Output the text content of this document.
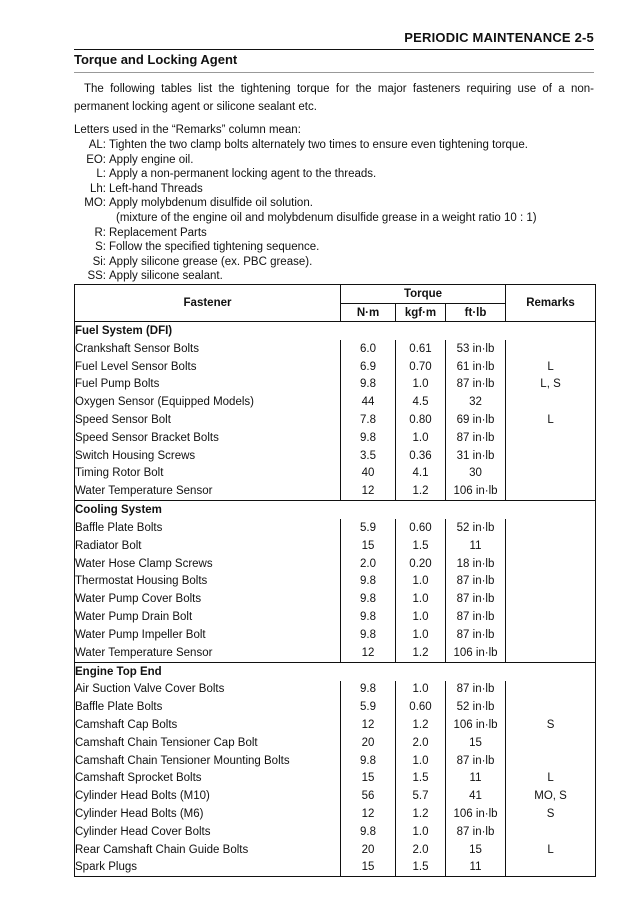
PERIODIC MAINTENANCE 2-5
Torque and Locking Agent
The following tables list the tightening torque for the major fasteners requiring use of a non-permanent locking agent or silicone sealant etc.
Letters used in the “Remarks” column mean:
AL: Tighten the two clamp bolts alternately two times to ensure even tightening torque.
EO: Apply engine oil.
L: Apply a non-permanent locking agent to the threads.
Lh: Left-hand Threads
MO: Apply molybdenum disulfide oil solution.
(mixture of the engine oil and molybdenum disulfide grease in a weight ratio 10 : 1)
R: Replacement Parts
S: Follow the specified tightening sequence.
Si: Apply silicone grease (ex. PBC grease).
SS: Apply silicone sealant.
Fastener	Torque			Remarks
	N·m	kgf·m	ft·lb	
Fuel System (DFI)				
Crankshaft Sensor Bolts	6.0	0.61	53 in·lb	
Fuel Level Sensor Bolts	6.9	0.70	61 in·lb	L
Fuel Pump Bolts	9.8	1.0	87 in·lb	L, S
Oxygen Sensor (Equipped Models)	44	4.5	32	
Speed Sensor Bolt	7.8	0.80	69 in·lb	L
Speed Sensor Bracket Bolts	9.8	1.0	87 in·lb	
Switch Housing Screws	3.5	0.36	31 in·lb	
Timing Rotor Bolt	40	4.1	30	
Water Temperature Sensor	12	1.2	106 in·lb	
Cooling System				
Baffle Plate Bolts	5.9	0.60	52 in·lb	
Radiator Bolt	15	1.5	11	
Water Hose Clamp Screws	2.0	0.20	18 in·lb	
Thermostat Housing Bolts	9.8	1.0	87 in·lb	
Water Pump Cover Bolts	9.8	1.0	87 in·lb	
Water Pump Drain Bolt	9.8	1.0	87 in·lb	
Water Pump Impeller Bolt	9.8	1.0	87 in·lb	
Water Temperature Sensor	12	1.2	106 in·lb	
Engine Top End				
Air Suction Valve Cover Bolts	9.8	1.0	87 in·lb	
Baffle Plate Bolts	5.9	0.60	52 in·lb	
Camshaft Cap Bolts	12	1.2	106 in·lb	S
Camshaft Chain Tensioner Cap Bolt	20	2.0	15	
Camshaft Chain Tensioner Mounting Bolts	9.8	1.0	87 in·lb	
Camshaft Sprocket Bolts	15	1.5	11	L
Cylinder Head Bolts (M10)	56	5.7	41	MO, S
Cylinder Head Bolts (M6)	12	1.2	106 in·lb	S
Cylinder Head Cover Bolts	9.8	1.0	87 in·lb	
Rear Camshaft Chain Guide Bolts	20	2.0	15	L
Spark Plugs	15	1.5	11	
